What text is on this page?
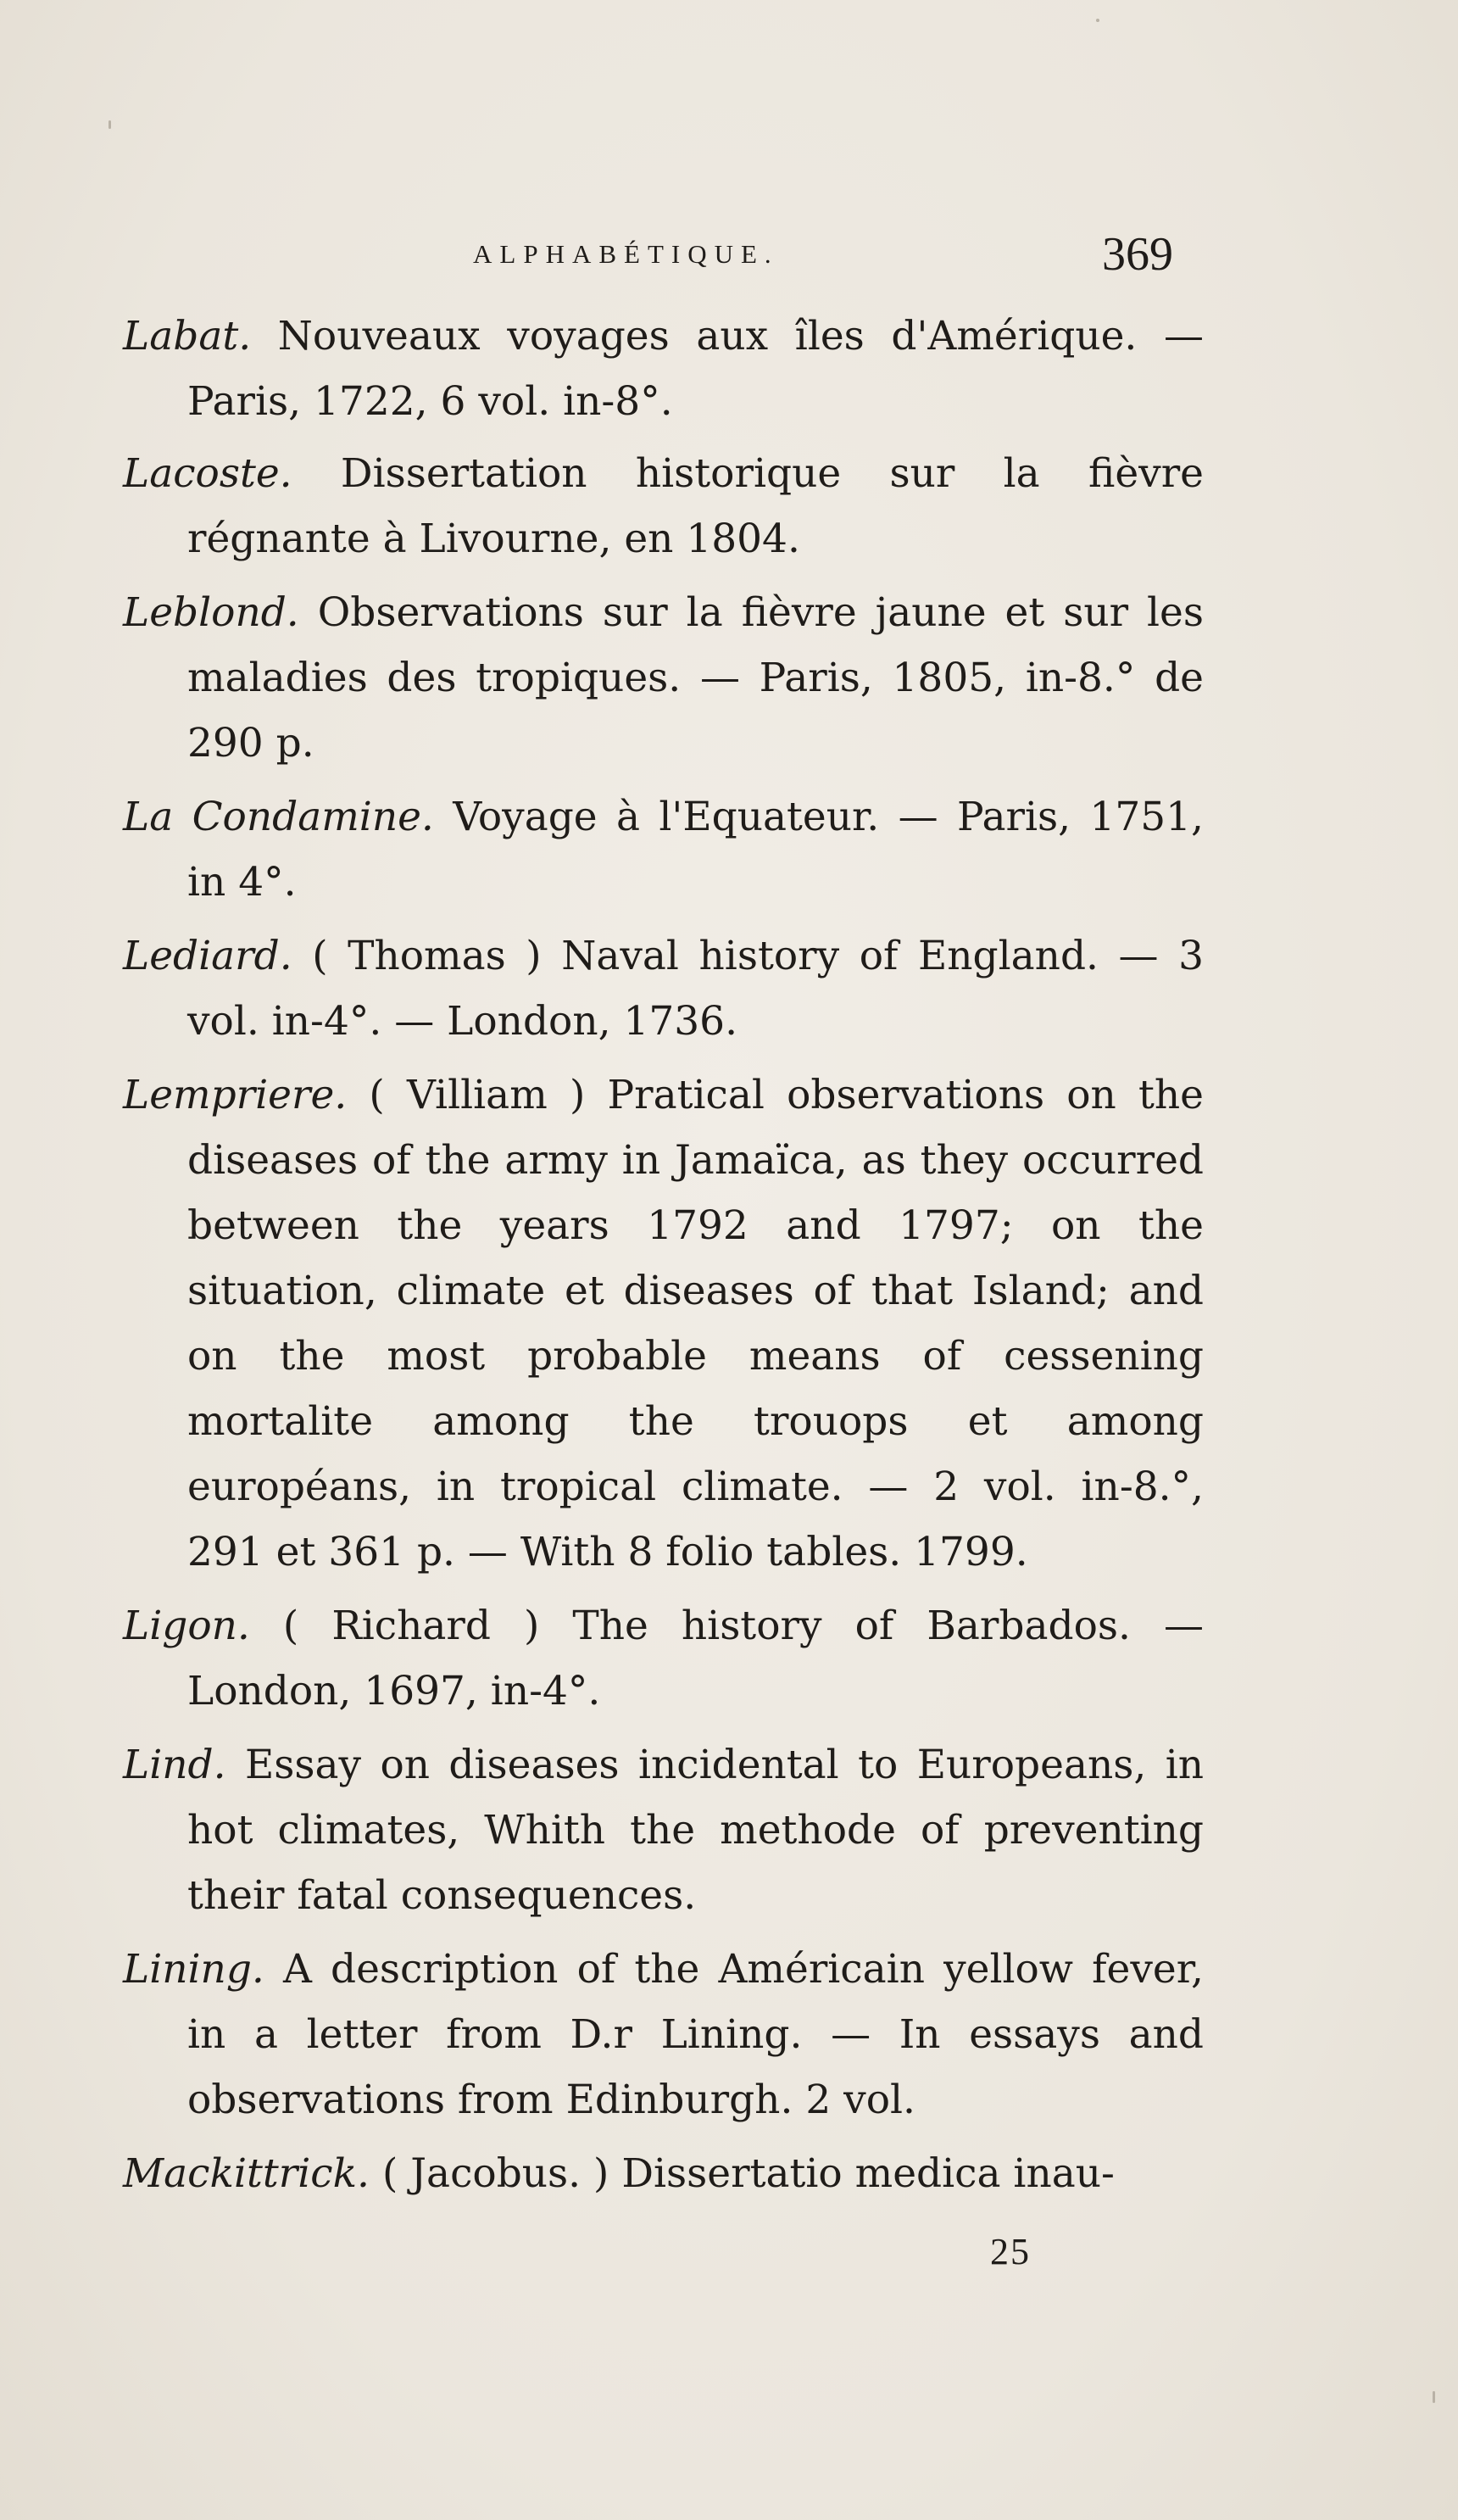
ALPHABÉTIQUE.	369
Labat. Nouveaux voyages aux îles d'Amérique. — Paris, 1722, 6 vol. in-8°.
Lacoste. Dissertation historique sur la fièvre régnante à Livourne, en 1804.
Leblond. Observations sur la fièvre jaune et sur les maladies des tropiques. — Paris, 1805, in-8.° de 290 p.
La Condamine. Voyage à l'Equateur. — Paris, 1751, in 4°.
Lediard. ( Thomas ) Naval history of England. — 3 vol. in-4°. — London, 1736.
Lempriere. ( Villiam ) Pratical observations on the diseases of the army in Jamaïca, as they occurred between the years 1792 and 1797; on the situation, climate et diseases of that Island; and on the most probable means of cessening mortalite among the trouops et among européans, in tropical climate. — 2 vol. in-8.°, 291 et 361 p. — With 8 folio tables. 1799.
Ligon. ( Richard ) The history of Barbados. — London, 1697, in-4°.
Lind. Essay on diseases incidental to Europeans, in hot climates, Whith the methode of preventing their fatal consequences.
Lining. A description of the Américain yellow fever, in a letter from D.r Lining. — In essays and observations from Edinburgh. 2 vol.
Mackittrick. ( Jacobus. ) Dissertatio medica inau-
25
